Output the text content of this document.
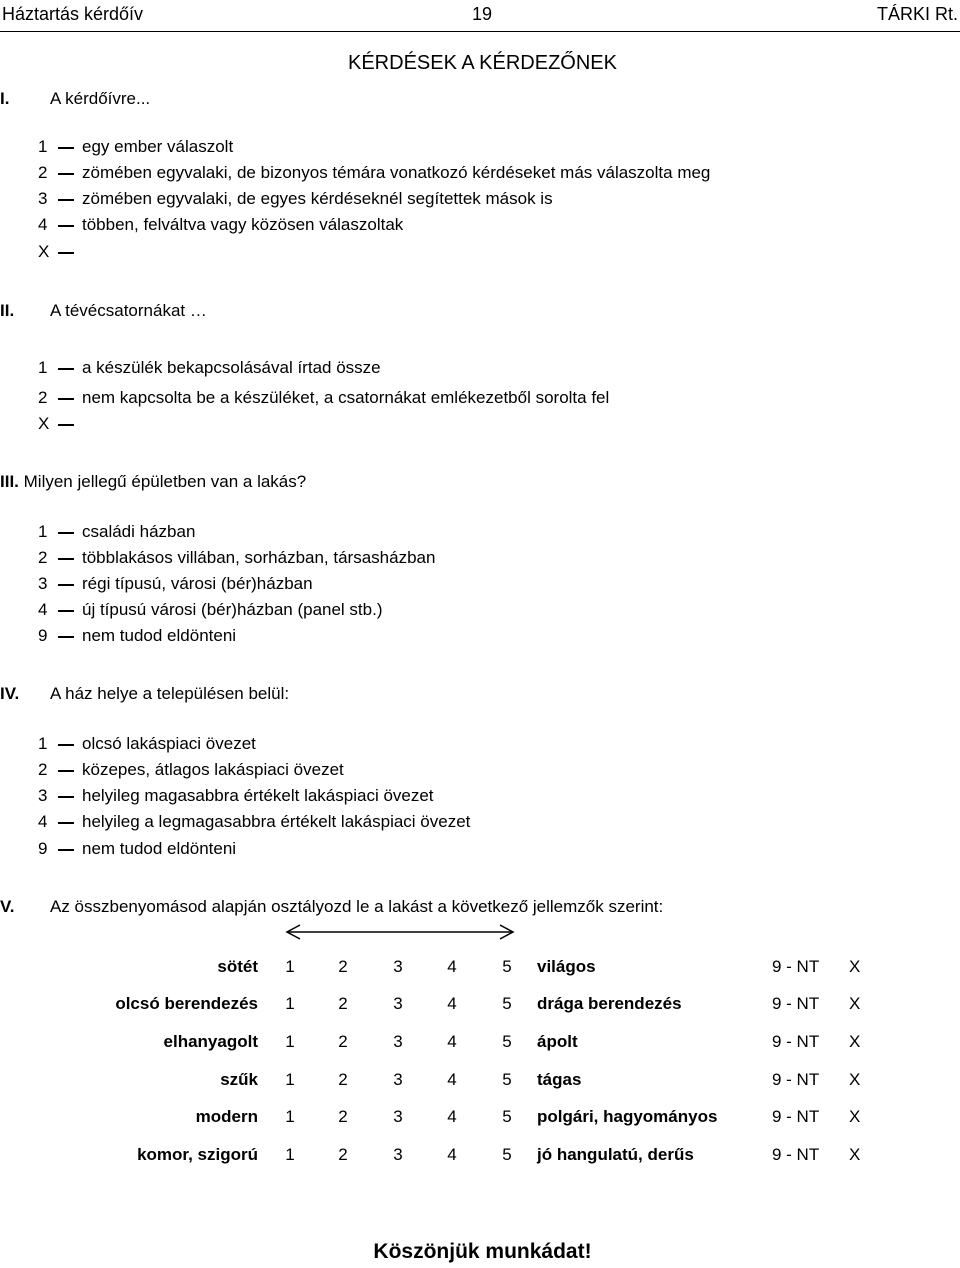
Háztartás kérdőív	19	TÁRKI Rt.
KÉRDÉSEK A KÉRDEZŐNEK
I. A kérdőívre...
1 egy ember válaszolt
2 zömében egyvalaki, de bizonyos témára vonatkozó kérdéseket más válaszolta meg
3 zömében egyvalaki, de egyes kérdéseknél segítettek mások is
4 többen, felváltva vagy közösen válaszoltak
X
II. A tévécsatornákat …
1 a készülék bekapcsolásával írtad össze
2 nem kapcsolta be a készüléket, a csatornákat emlékezetből sorolta fel
X
III. Milyen jellegű épületben van a lakás?
1 családi házban
2 többlakásos villában, sorházban, társasházban
3 régi típusú, városi (bér)házban
4 új típusú városi (bér)házban (panel stb.)
9 nem tudod eldönteni
IV. A ház helye a településen belül:
1 olcsó lakáspiaci övezet
2 közepes, átlagos lakáspiaci övezet
3 helyileg magasabbra értékelt lakáspiaci övezet
4 helyileg a legmagasabbra értékelt lakáspiaci övezet
9 nem tudod eldönteni
V. Az összbenyomásod alapján osztályozd le a lakást a következő jellemzők szerint:
sötét	1	2	3	4	5	világos	9 - NT X
olcsó berendezés	1	2	3	4	5	drága berendezés	9 - NT X
elhanyagolt	1	2	3	4	5	ápolt	9 - NT X
szűk	1	2	3	4	5	tágas	9 - NT X
modern	1	2	3	4	5	polgári, hagyományos	9 - NT X
komor, szigorú	1	2	3	4	5	jó hangulatú, derűs	9 - NT X
Köszönjük munkádat!
